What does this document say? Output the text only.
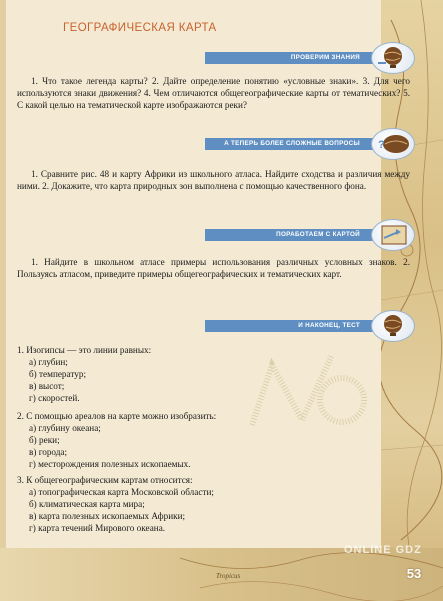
ГЕОГРАФИЧЕСКАЯ КАРТА
ПРОВЕРИМ ЗНАНИЯ

1. Что такое легенда карты? 2. Дайте определение понятию «условные знаки». 3. Для чего используются знаки движения? 4. Чем отличаются общегеографические карты от тематических? 5. С какой целью на тематической карте изображаются реки?

А ТЕПЕРЬ БОЛЕЕ СЛОЖНЫЕ ВОПРОСЫ ?

1. Сравните рис. 48 и карту Африки из школьного атласа. Найдите сходства и различия между ними. 2. Докажите, что карта природных зон выполнена с помощью качественного фона.

ПОРАБОТАЕМ С КАРТОЙ

1. Найдите в школьном атласе примеры использования различных условных знаков. 2. Пользуясь атласом, приведите примеры общегеографических и тематических карт.

И НАКОНЕЦ, ТЕСТ

1. Изогипсы — это линии равных:

а) глубин;

б) температур;

в) высот;

г) скоростей.

2. С помощью ареалов на карте можно изобразить:

а) глубину океана;

б) реки;

в) города;

г) месторождения полезных ископаемых.

3. К общегеографическим картам относится:

а) топографическая карта Московской области;

б) климатическая карта мира;

в) карта полезных ископаемых Африки;

г) карта течений Мирового океана.

Tropicus
ONLINE GDZ
53
